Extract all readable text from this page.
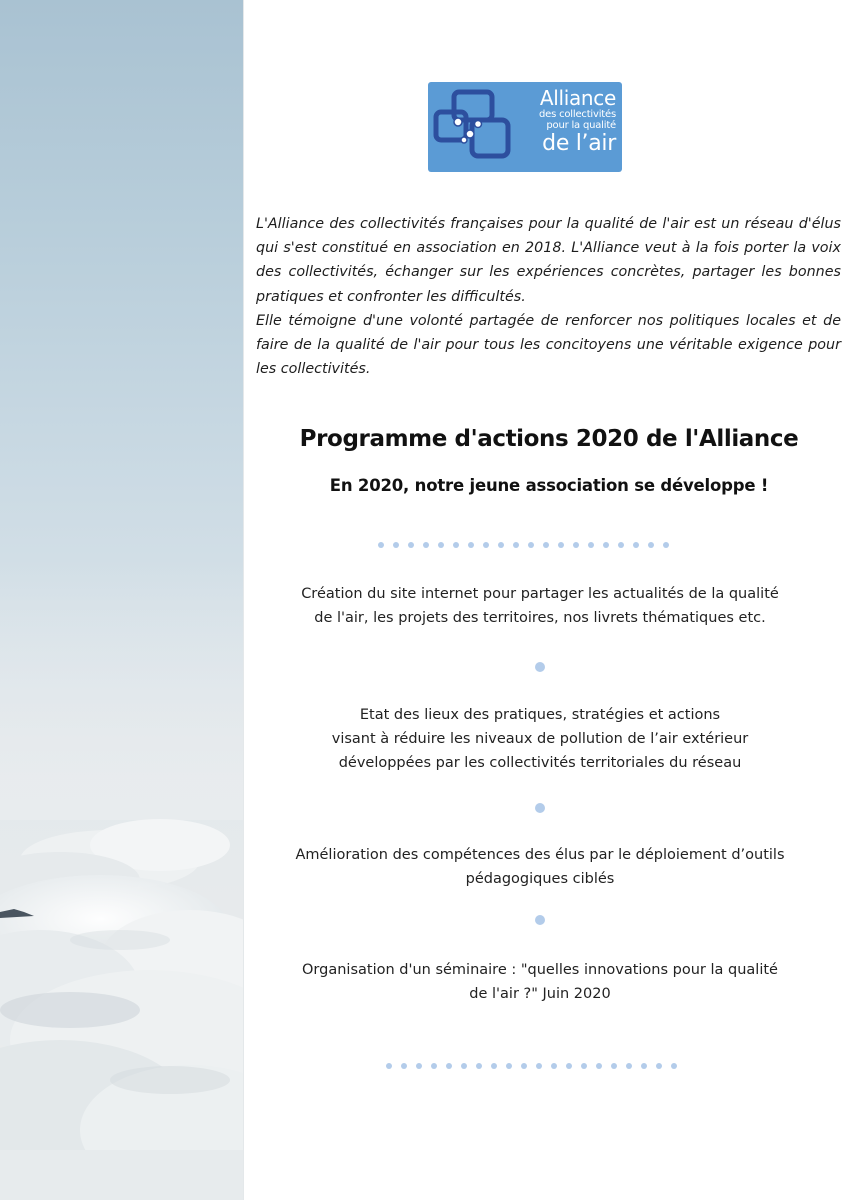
Alliance
des collectivités
pour la qualité
de l’air

L'Alliance des collectivités françaises pour la qualité de l'air est un réseau d'élus qui s'est constitué en association en 2018. L'Alliance veut à la fois porter la voix des collectivités, échanger sur les expériences concrètes, partager les bonnes pratiques et confronter les difficultés.

Elle témoigne d'une volonté partagée de renforcer nos politiques locales et de faire de la qualité de l'air pour tous les concitoyens une véritable exigence pour les collectivités.

Programme d'actions 2020 de l'Alliance
En 2020, notre jeune association se développe !
Création du site internet pour partager les actualités de la qualité
de l'air, les projets des territoires, nos livrets thématiques etc.
Etat des lieux des pratiques, stratégies et actions
visant à réduire les niveaux de pollution de l’air extérieur
développées par les collectivités territoriales du réseau
Amélioration des compétences des élus par le déploiement d’outils
pédagogiques ciblés
Organisation d'un séminaire : "quelles innovations pour la qualité
de l'air ?" Juin 2020
